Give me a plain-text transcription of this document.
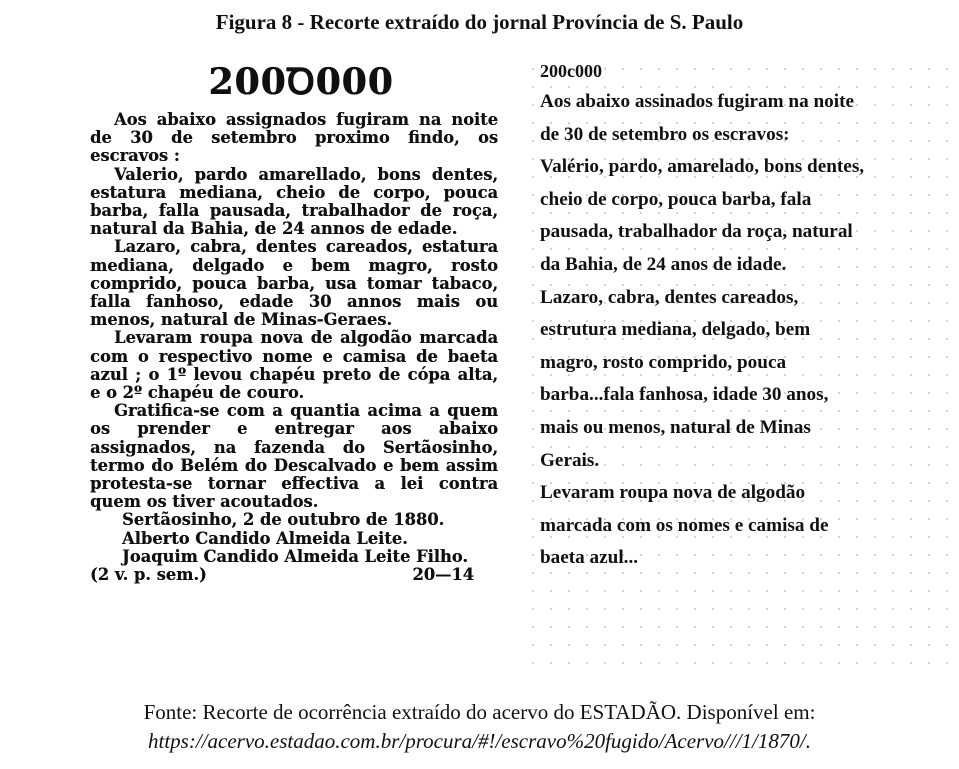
Figura 8 - Recorte extraído do jornal Província de S. Paulo
200Ꝺ000

Aos abaixo assignados fugiram na noite de 30 de setembro proximo findo, os escravos :

Valerio, pardo amarellado, bons dentes, estatura mediana, cheio de corpo, pouca barba, falla pausada, trabalhador de roça, natural da Bahia, de 24 annos de edade.

Lazaro, cabra, dentes careados, estatura mediana, delgado e bem magro, rosto comprido, pouca barba, usa tomar tabaco, falla fanhoso, edade 30 annos mais ou menos, natural de Minas-Geraes.

Levaram roupa nova de algodão marcada com o respectivo nome e camisa de baeta azul ; o 1º levou chapéu preto de cópa alta, e o 2º chapéu de couro.

Gratifica-se com a quantia acima a quem os prender e entregar aos abaixo assignados, na fazenda do Sertãosinho, termo do Belém do Descalvado e bem assim protesta-se tornar effectiva a lei contra quem os tiver acoutados.

Sertãosinho, 2 de outubro de 1880.

Alberto Candido Almeida Leite.

Joaquim Candido Almeida Leite Filho.

(2 v. p. sem.)	20—14

200c000
Aos abaixo assinados fugiram na noite
de 30 de setembro os escravos:
Valério, pardo, amarelado, bons dentes,
cheio de corpo, pouca barba, fala
pausada, trabalhador da roça, natural
da Bahia, de 24 anos de idade.
Lazaro, cabra, dentes careados,
estrutura mediana, delgado, bem
magro, rosto comprido, pouca
barba...fala fanhosa, idade 30 anos,
mais ou menos, natural de Minas
Gerais.
Levaram roupa nova de algodão
marcada com os nomes e camisa de
baeta azul...
Fonte: Recorte de ocorrência extraído do acervo do ESTADÃO. Disponível em:
https://acervo.estadao.com.br/procura/#!/escravo%20fugido/Acervo///1/1870/.
